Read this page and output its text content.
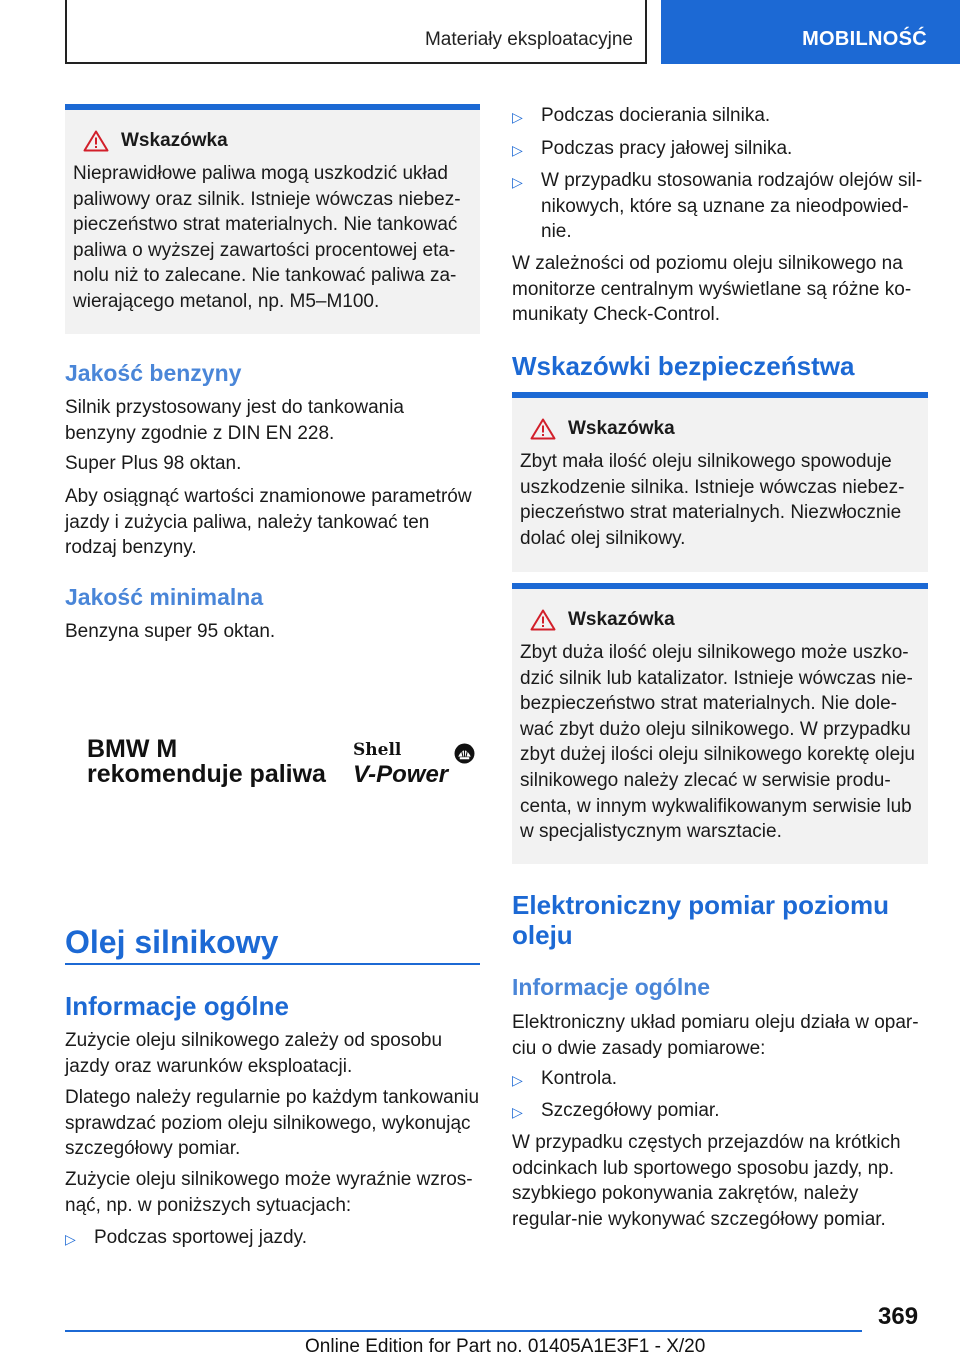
Materiały eksploatacyjne	MOBILNOŚĆ
Wskazówka
Nieprawidłowe paliwa mogą uszkodzić układ paliwowy oraz silnik. Istnieje wówczas niebez-pieczeństwo strat materialnych. Nie tankować paliwa o wyższej zawartości procentowej eta-nolu niż to zalecane. Nie tankować paliwa za-wierającego metanol, np. M5–M100.
Jakość benzyny

Silnik przystosowany jest do tankowania benzyny zgodnie z DIN EN 228.

Super Plus 98 oktan.

Aby osiągnąć wartości znamionowe parametrów jazdy i zużycia paliwa, należy tankować ten rodzaj benzyny.

Jakość minimalna

Benzyna super 95 oktan.

BMW M
rekomenduje paliwa
Shell
V-Power
Olej silnikowy
Informacje ogólne

Zużycie oleju silnikowego zależy od sposobu jazdy oraz warunków eksploatacji.

Dlatego należy regularnie po każdym tankowaniu sprawdzać poziom oleju silnikowego, wykonując szczegółowy pomiar.

Zużycie oleju silnikowego może wyraźnie wzros-nąć, np. w poniższych sytuacjach:

▷ Podczas sportowej jazdy.
▷ Podczas docierania silnika.
▷ Podczas pracy jałowej silnika.
▷ W przypadku stosowania rodzajów olejów sil-nikowych, które są uznane za nieodpowied-nie.

W zależności od poziomu oleju silnikowego na monitorze centralnym wyświetlane są różne ko-munikaty Check-Control.

Wskazówki bezpieczeństwa
Wskazówka
Zbyt mała ilość oleju silnikowego spowoduje uszkodzenie silnika. Istnieje wówczas niebez-pieczeństwo strat materialnych. Niezwłocznie dolać olej silnikowy.
Wskazówka
Zbyt duża ilość oleju silnikowego może uszko-dzić silnik lub katalizator. Istnieje wówczas nie-bezpieczeństwo strat materialnych. Nie dole-wać zbyt dużo oleju silnikowego. W przypadku zbyt dużej ilości oleju silnikowego korektę oleju silnikowego należy zlecać w serwisie produ-centa, w innym wykwalifikowanym serwisie lub w specjalistycznym warsztacie.
Elektroniczny pomiar poziomu oleju
Informacje ogólne

Elektroniczny układ pomiaru oleju działa w opar-ciu o dwie zasady pomiarowe:

▷ Kontrola.
▷ Szczegółowy pomiar.

W przypadku częstych przejazdów na krótkich odcinkach lub sportowego sposobu jazdy, np. szybkiego pokonywania zakrętów, należy regular-nie wykonywać szczegółowy pomiar.

369
Online Edition for Part no. 01405A1E3F1 - X/20
